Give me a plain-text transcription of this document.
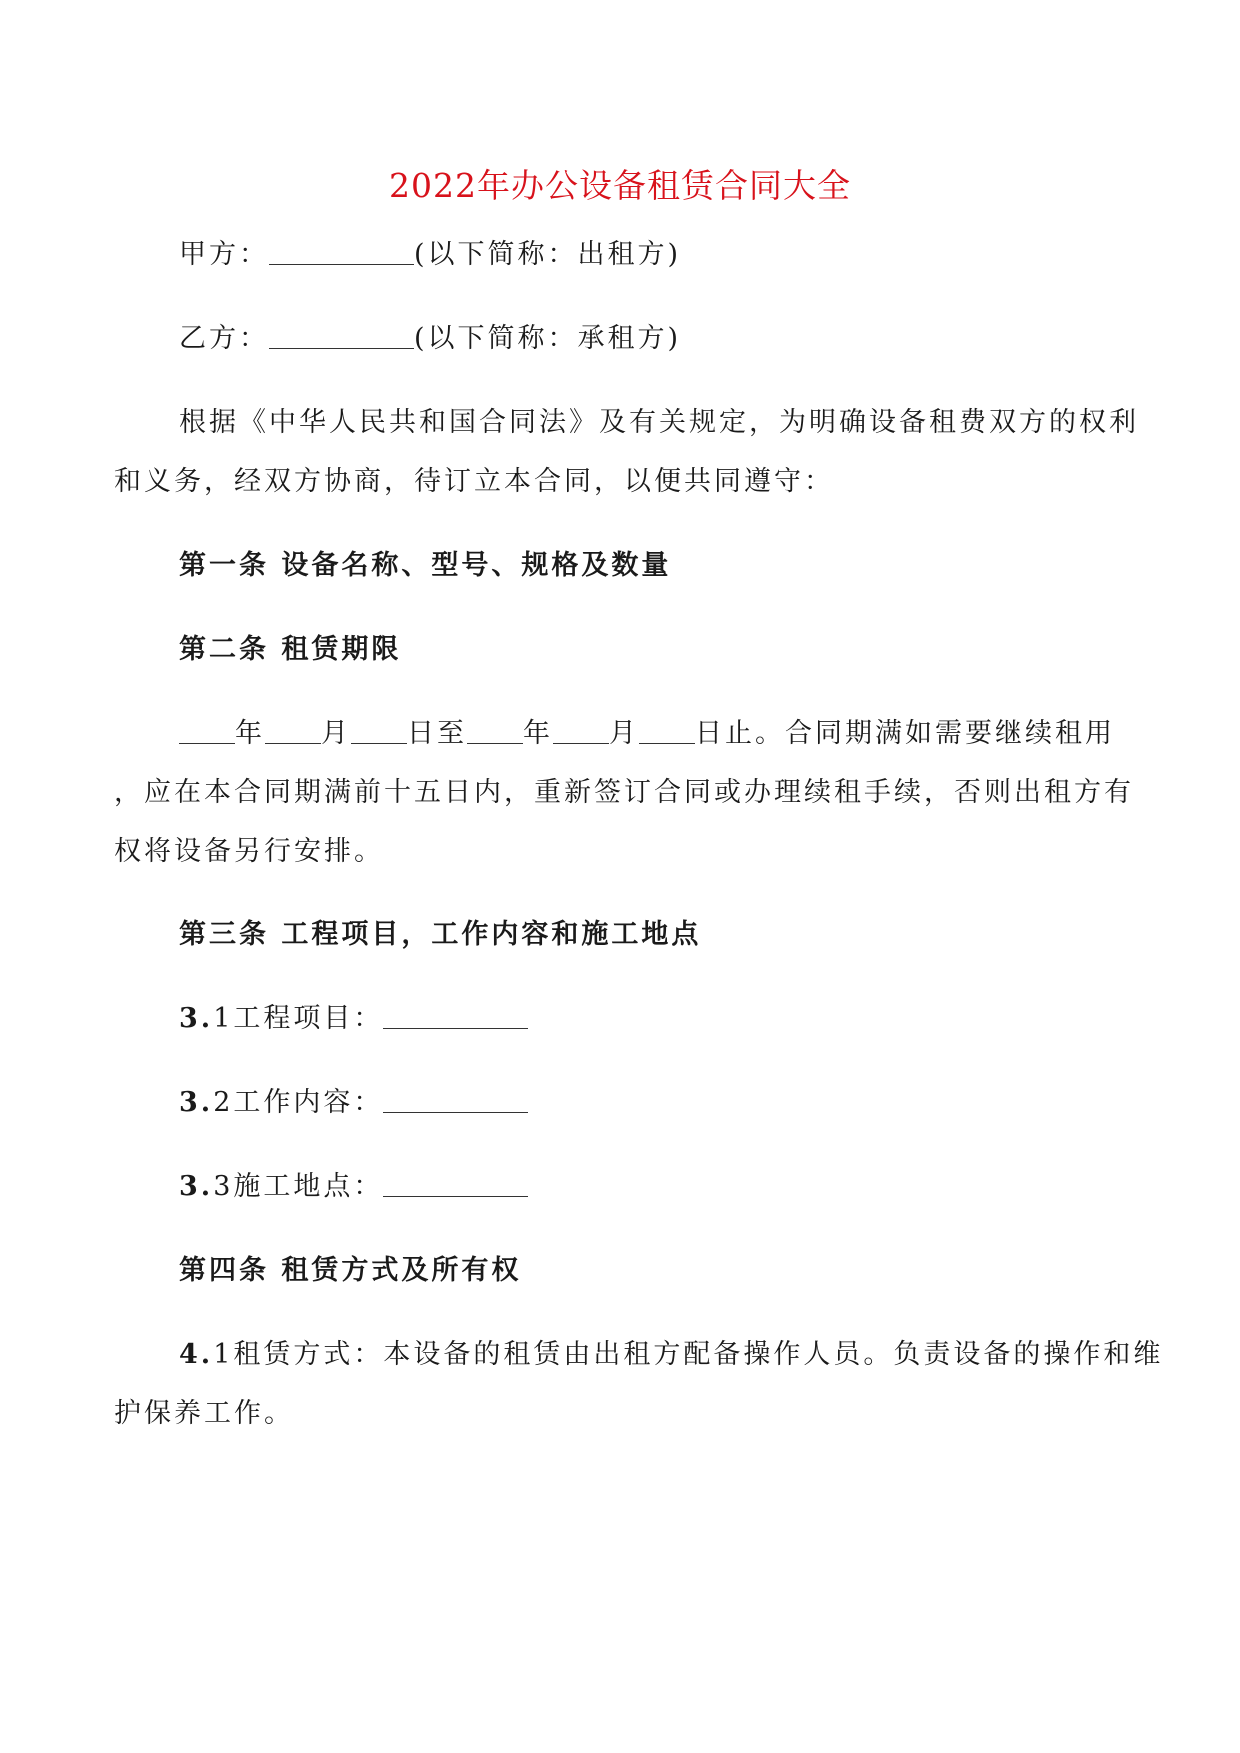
2022年办公设备租赁合同大全
甲方：	(以下简称：出租方)
乙方：	(以下简称：承租方)
根据《中华人民共和国合同法》及有关规定，为明确设备租费双方的权利
和义务，经双方协商，待订立本合同，以便共同遵守：
第一条 设备名称、型号、规格及数量
第二条 租赁期限
年 月 日至 年 月 日止。合同期满如需要继续租用
，应在本合同期满前十五日内，重新签订合同或办理续租手续，否则出租方有
权将设备另行安排。
第三条 工程项目，工作内容和施工地点
3.1工程项目：
3.2工作内容：
3.3施工地点：
第四条 租赁方式及所有权
4.1租赁方式：本设备的租赁由出租方配备操作人员。负责设备的操作和维
护保养工作。
